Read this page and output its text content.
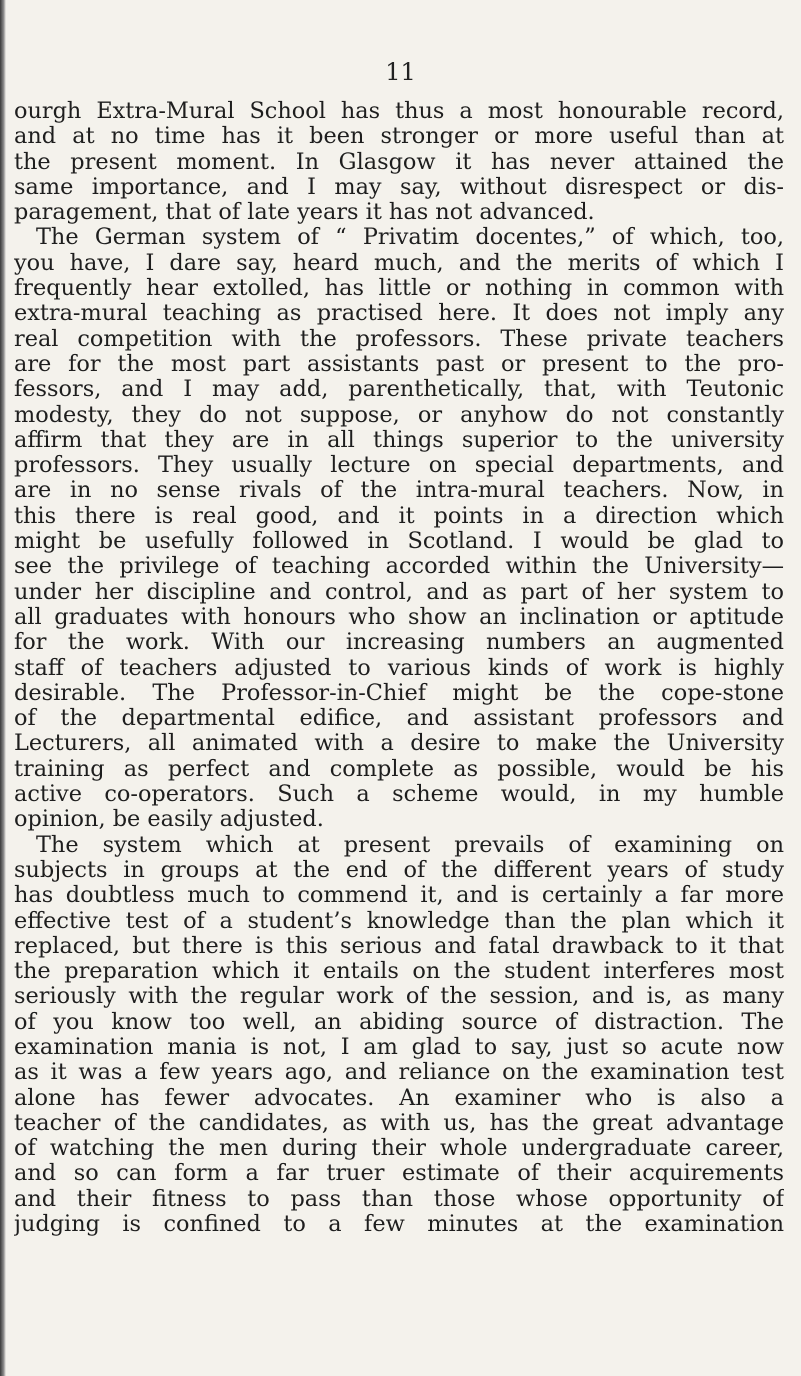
11
ourgh Extra-Mural School has thus a most honourable record,
and at no time has it been stronger or more useful than at
the present moment. In Glasgow it has never attained the
same importance, and I may say, without disrespect or dis-
paragement, that of late years it has not advanced.
The German system of “ Privatim docentes,” of which, too,
you have, I dare say, heard much, and the merits of which I
frequently hear extolled, has little or nothing in common with
extra-mural teaching as practised here. It does not imply any
real competition with the professors. These private teachers
are for the most part assistants past or present to the pro-
fessors, and I may add, parenthetically, that, with Teutonic
modesty, they do not suppose, or anyhow do not constantly
affirm that they are in all things superior to the university
professors. They usually lecture on special departments, and
are in no sense rivals of the intra-mural teachers. Now, in
this there is real good, and it points in a direction which
might be usefully followed in Scotland. I would be glad to
see the privilege of teaching accorded within the University—
under her discipline and control, and as part of her system to
all graduates with honours who show an inclination or aptitude
for the work. With our increasing numbers an augmented
staff of teachers adjusted to various kinds of work is highly
desirable. The Professor-in-Chief might be the cope-stone
of the departmental edifice, and assistant professors and
Lecturers, all animated with a desire to make the University
training as perfect and complete as possible, would be his
active co-operators. Such a scheme would, in my humble
opinion, be easily adjusted.
The system which at present prevails of examining on
subjects in groups at the end of the different years of study
has doubtless much to commend it, and is certainly a far more
effective test of a student’s knowledge than the plan which it
replaced, but there is this serious and fatal drawback to it that
the preparation which it entails on the student interferes most
seriously with the regular work of the session, and is, as many
of you know too well, an abiding source of distraction. The
examination mania is not, I am glad to say, just so acute now
as it was a few years ago, and reliance on the examination test
alone has fewer advocates. An examiner who is also a
teacher of the candidates, as with us, has the great advantage
of watching the men during their whole undergraduate career,
and so can form a far truer estimate of their acquirements
and their fitness to pass than those whose opportunity of
judging is confined to a few minutes at the examination
